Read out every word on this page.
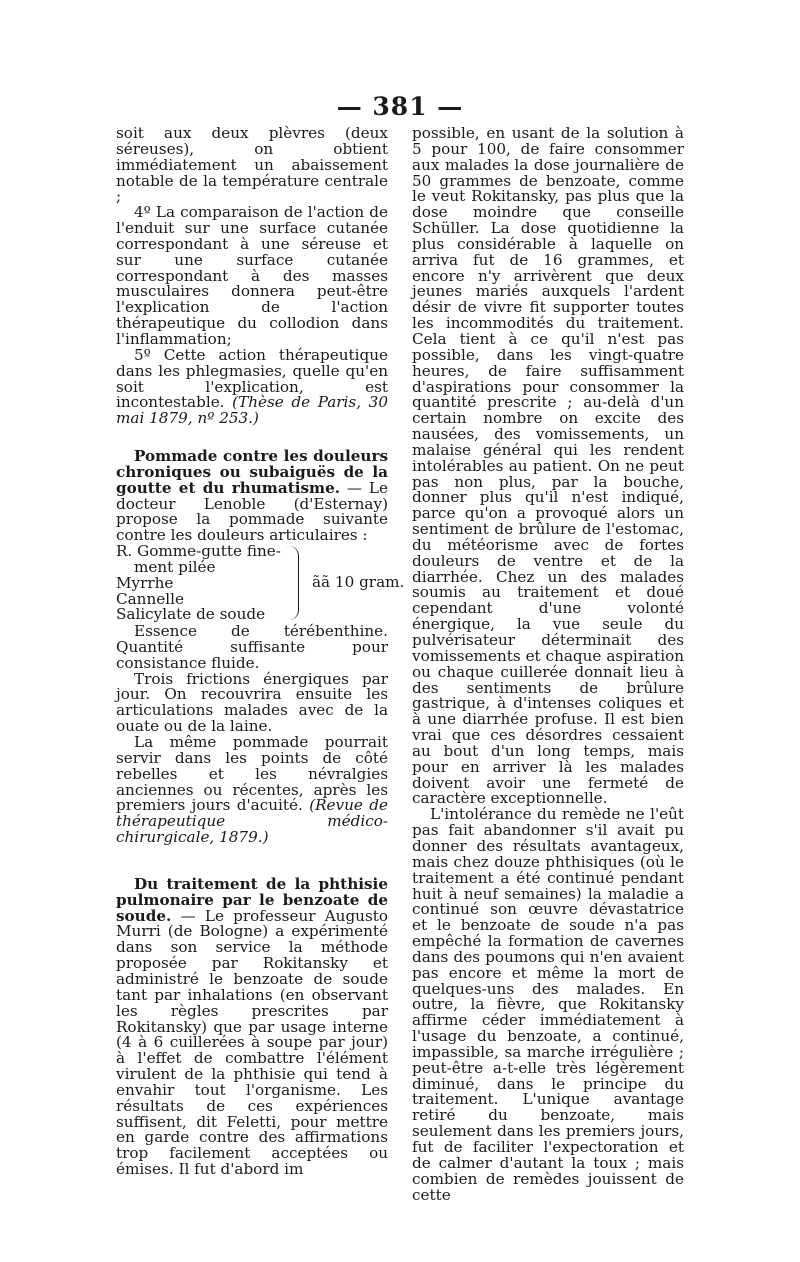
— 381 —

soit aux deux plèvres (deux séreuses), on obtient immédiatement un abaissement notable de la température centrale ;

4º La comparaison de l'action de l'enduit sur une surface cutanée correspondant à une séreuse et sur une surface cutanée correspondant à des masses musculaires donnera peut-être l'explication de l'action thérapeutique du collodion dans l'inflammation;

5º Cette action thérapeutique dans les phlegmasies, quelle qu'en soit l'explication, est incontestable. (Thèse de Paris, 30 mai 1879, nº 253.)

Pommade contre les douleurs chroniques ou subaiguës de la goutte et du rhumatisme. — Le docteur Lenoble (d'Esternay) propose la pommade suivante contre les douleurs articulaires :

R. Gomme-gutte fine-
ment pilée
Myrrhe
Cannelle
Salicylate de soude
ãã 10 gram.

Essence de térébenthine. Quantité suffisante pour consistance fluide.

Trois frictions énergiques par jour. On recouvrira ensuite les articulations malades avec de la ouate ou de la laine.

La même pommade pourrait servir dans les points de côté rebelles et les névralgies anciennes ou récentes, après les premiers jours d'acuité. (Revue de thérapeutique médico-chirurgicale, 1879.)

Du traitement de la phthisie pulmonaire par le benzoate de soude. — Le professeur Augusto Murri (de Bologne) a expérimenté dans son service la méthode proposée par Rokitansky et administré le benzoate de soude tant par inhalations (en observant les règles prescrites par Rokitansky) que par usage interne (4 à 6 cuillerées à soupe par jour) à l'effet de combattre l'élément virulent de la phthisie qui tend à envahir tout l'organisme. Les résultats de ces expériences suffisent, dit Feletti, pour mettre en garde contre des affirmations trop facilement acceptées ou émises. Il fut d'abord im

possible, en usant de la solution à 5 pour 100, de faire consommer aux malades la dose journalière de 50 grammes de benzoate, comme le veut Rokitansky, pas plus que la dose moindre que conseille Schüller. La dose quotidienne la plus considérable à laquelle on arriva fut de 16 grammes, et encore n'y arrivèrent que deux jeunes mariés auxquels l'ardent désir de vivre fit supporter toutes les incommodités du traitement. Cela tient à ce qu'il n'est pas possible, dans les vingt-quatre heures, de faire suffisamment d'aspirations pour consommer la quantité prescrite ; au-delà d'un certain nombre on excite des nausées, des vomissements, un malaise général qui les rendent intolérables au patient. On ne peut pas non plus, par la bouche, donner plus qu'il n'est indiqué, parce qu'on a provoqué alors un sentiment de brûlure de l'estomac, du météorisme avec de fortes douleurs de ventre et de la diarrhée. Chez un des malades soumis au traitement et doué cependant d'une volonté énergique, la vue seule du pulvérisateur déterminait des vomissements et chaque aspiration ou chaque cuillerée donnait lieu à des sentiments de brûlure gastrique, à d'intenses coliques et à une diarrhée profuse. Il est bien vrai que ces désordres cessaient au bout d'un long temps, mais pour en arriver là les malades doivent avoir une fermeté de caractère exceptionnelle.

L'intolérance du remède ne l'eût pas fait abandonner s'il avait pu donner des résultats avantageux, mais chez douze phthisiques (où le traitement a été continué pendant huit à neuf semaines) la maladie a continué son œuvre dévastatrice et le benzoate de soude n'a pas empêché la formation de cavernes dans des poumons qui n'en avaient pas encore et même la mort de quelques-uns des malades. En outre, la fièvre, que Rokitansky affirme céder immédiatement à l'usage du benzoate, a continué, impassible, sa marche irrégulière ; peut-être a-t-elle très légèrement diminué, dans le principe du traitement. L'unique avantage retiré du benzoate, mais seulement dans les premiers jours, fut de faciliter l'expectoration et de calmer d'autant la toux ; mais combien de remèdes jouissent de cette
